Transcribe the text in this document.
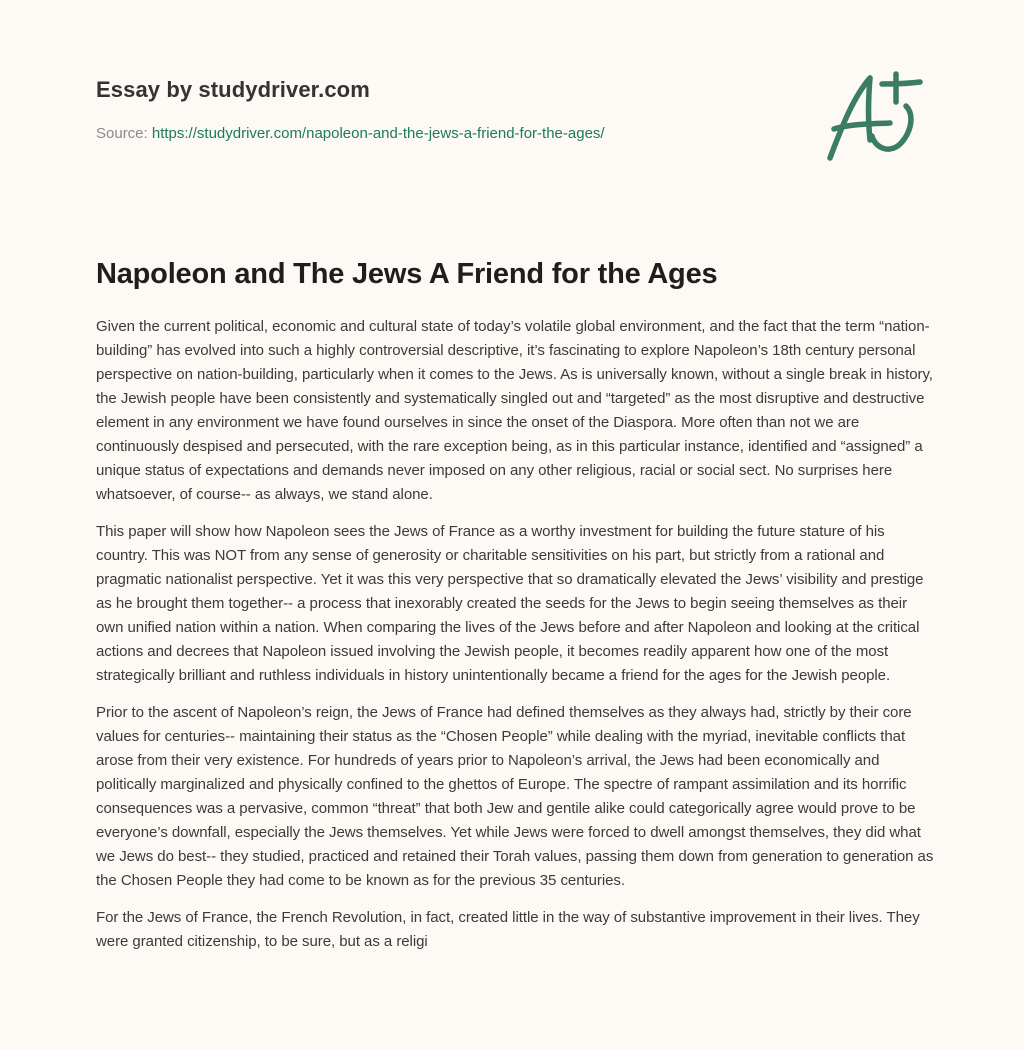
Essay by studydriver.com
Source: https://studydriver.com/napoleon-and-the-jews-a-friend-for-the-ages/
Napoleon and The Jews A Friend for the Ages

Given the current political, economic and cultural state of today’s volatile global environment, and the fact that the term “nation-building” has evolved into such a highly controversial descriptive, it’s fascinating to explore Napoleon’s 18th century personal perspective on nation-building, particularly when it comes to the Jews. As is universally known, without a single break in history, the Jewish people have been consistently and systematically singled out and “targeted” as the most disruptive and destructive element in any environment we have found ourselves in since the onset of the Diaspora. More often than not we are continuously despised and persecuted, with the rare exception being, as in this particular instance, identified and “assigned” a unique status of expectations and demands never imposed on any other religious, racial or social sect. No surprises here whatsoever, of course-- as always, we stand alone.

This paper will show how Napoleon sees the Jews of France as a worthy investment for building the future stature of his country. This was NOT from any sense of generosity or charitable sensitivities on his part, but strictly from a rational and pragmatic nationalist perspective. Yet it was this very perspective that so dramatically elevated the Jews’ visibility and prestige as he brought them together-- a process that inexorably created the seeds for the Jews to begin seeing themselves as their own unified nation within a nation. When comparing the lives of the Jews before and after Napoleon and looking at the critical actions and decrees that Napoleon issued involving the Jewish people, it becomes readily apparent how one of the most strategically brilliant and ruthless individuals in history unintentionally became a friend for the ages for the Jewish people.

Prior to the ascent of Napoleon’s reign, the Jews of France had defined themselves as they always had, strictly by their core values for centuries-- maintaining their status as the “Chosen People” while dealing with the myriad, inevitable conflicts that arose from their very existence. For hundreds of years prior to Napoleon’s arrival, the Jews had been economically and politically marginalized and physically confined to the ghettos of Europe. The spectre of rampant assimilation and its horrific consequences was a pervasive, common “threat” that both Jew and gentile alike could categorically agree would prove to be everyone’s downfall, especially the Jews themselves. Yet while Jews were forced to dwell amongst themselves, they did what we Jews do best-- they studied, practiced and retained their Torah values, passing them down from generation to generation as the Chosen People they had come to be known as for the previous 35 centuries.

For the Jews of France, the French Revolution, in fact, created little in the way of substantive improvement in their lives. They were granted citizenship, to be sure, but as a religi
